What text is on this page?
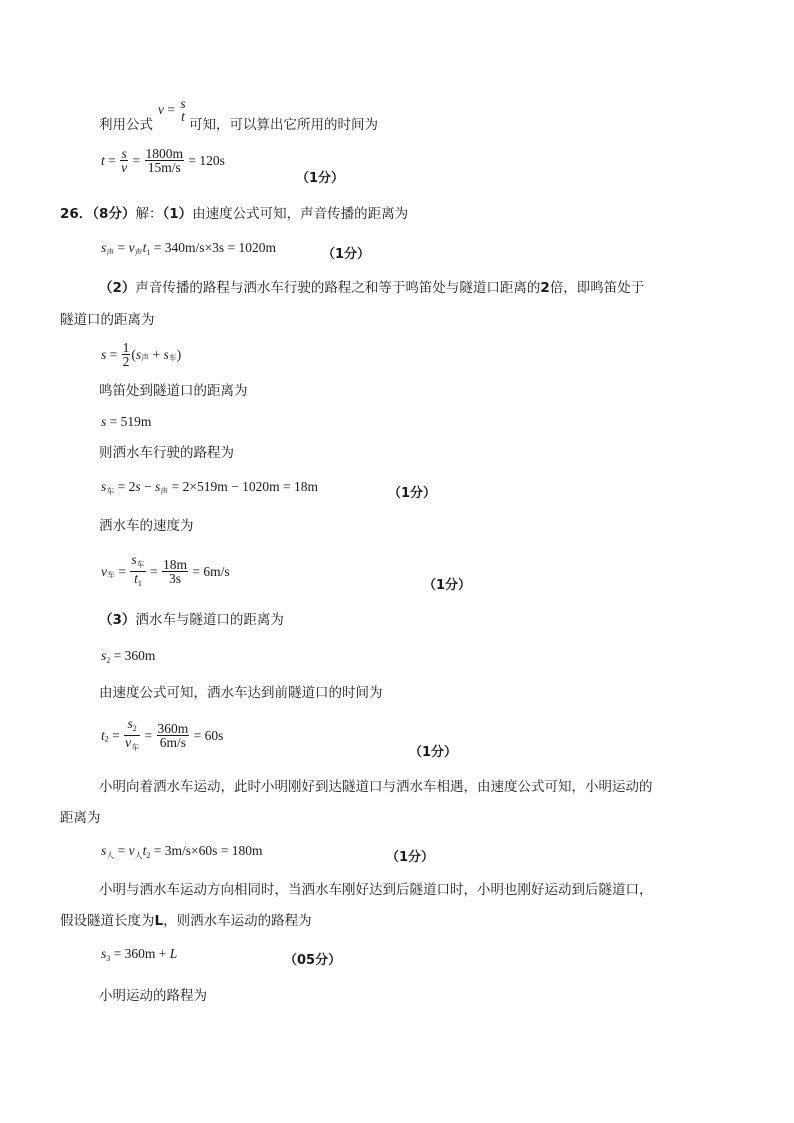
利用公式
v = s
t
可知，可以算出它所用的时间为
$t = \frac{s}{v} = \frac{1800m}{15m/s} = 120s$
（1分）
26．（8分）解：（1）由速度公式可知，声音传播的距离为
$s_声 = v_声t_1 = 340m/s\times 3s = 1020m$	（1分）
（2）声音传播的路程与洒水车行驶的路程之和等于鸣笛处与隧道口距离的2倍，即鸣笛处于
隧道口的距离为
$s = \frac{1}{2} (s_声 + s_车)$
鸣笛处到隧道口的距离为
s = 519m
则洒水车行驶的路程为
$s_车 = 2s - s_声 = 2\times 519m - 1020m = 18m$	（1分）
洒水车的速度为
$v_车 = \frac{s_车}{t_1} = \frac{18m}{3s} = 6m/s$
（1分）
（3）洒水车与隧道口的距离为
$s_2 = 360m$
由速度公式可知，洒水车达到前隧道口的时间为
$t_2 = \frac{s_2}{v_车} = \frac{360m}{6m/s} = 60s$
（1分）
小明向着洒水车运动，此时小明刚好到达隧道口与洒水车相遇，由速度公式可知，小明运动的
距离为
$s_人 = v_人t_2 = 3m/s\times 60s = 180m$	（1分）
小明与洒水车运动方向相同时，当洒水车刚好达到后隧道口时，小明也刚好运动到后隧道口，
假设隧道长度为L，则洒水车运动的路程为
$s_3 = 360m + L$	（05分）
小明运动的路程为
